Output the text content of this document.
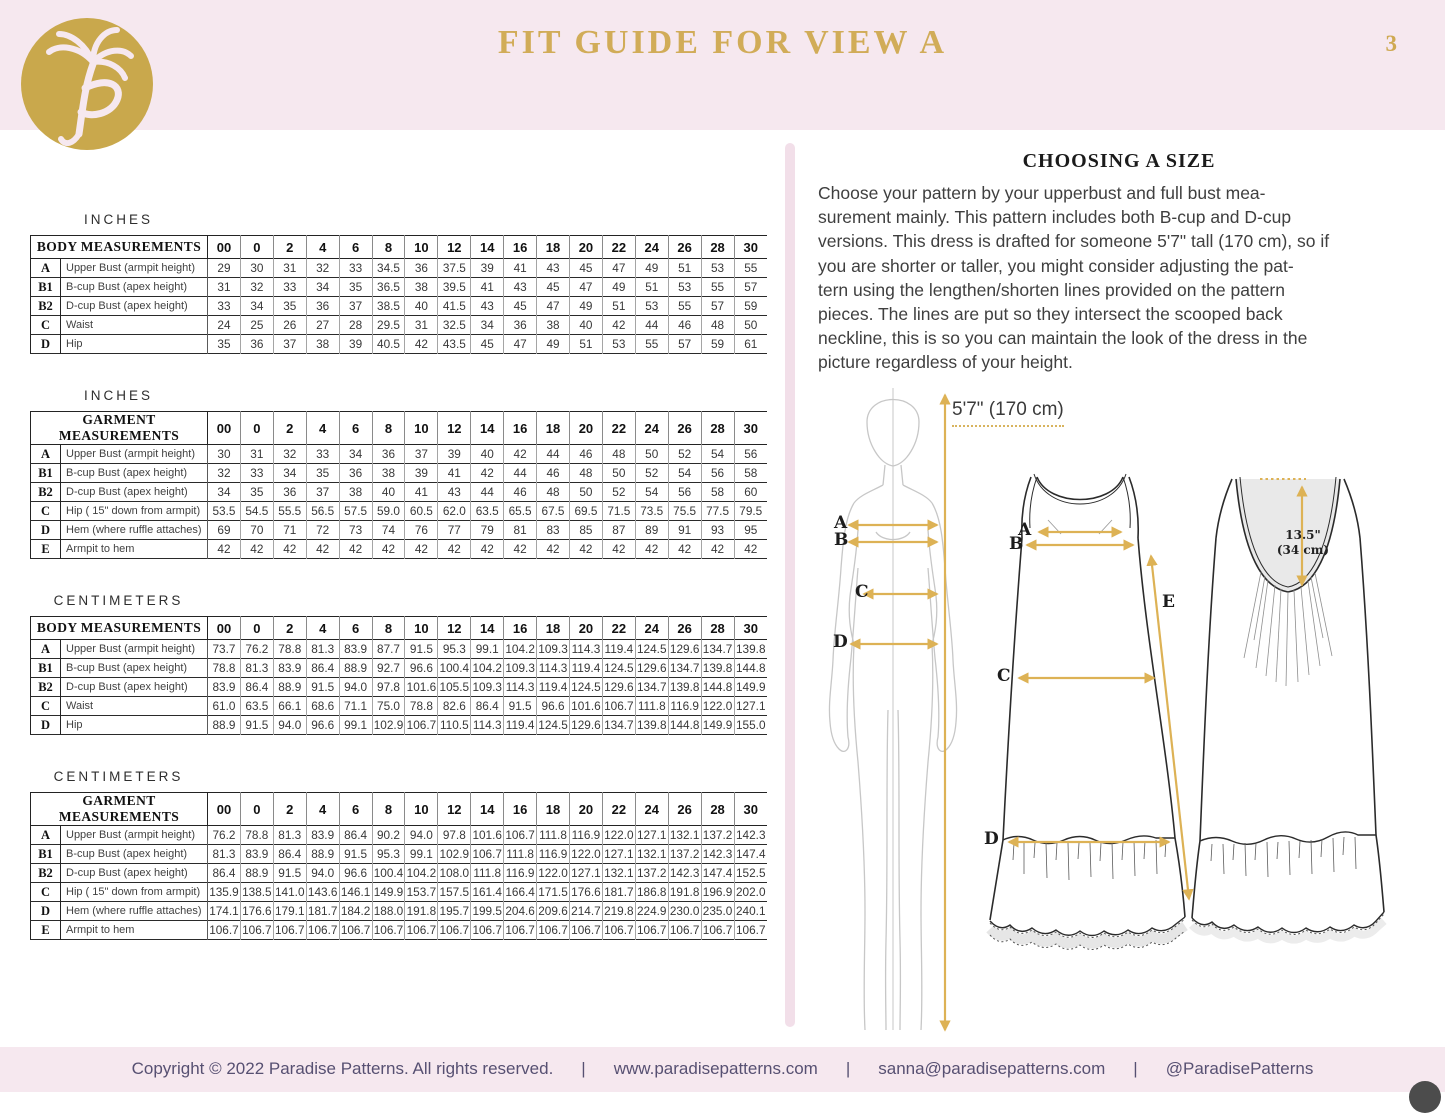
FIT GUIDE FOR VIEW A	3
INCHES
BODY MEASUREMENTS		00	0	2	4	6	8	10	12	14	16	18	20	22	24	26	28	30
A	Upper Bust (armpit height)	29	30	31	32	33	34.5	36	37.5	39	41	43	45	47	49	51	53	55
B1	B-cup Bust (apex height)	31	32	33	34	35	36.5	38	39.5	41	43	45	47	49	51	53	55	57
B2	D-cup Bust (apex height)	33	34	35	36	37	38.5	40	41.5	43	45	47	49	51	53	55	57	59
C	Waist	24	25	26	27	28	29.5	31	32.5	34	36	38	40	42	44	46	48	50
D	Hip	35	36	37	38	39	40.5	42	43.5	45	47	49	51	53	55	57	59	61
INCHES
GARMENT MEASUREMENTS		00	0	2	4	6	8	10	12	14	16	18	20	22	24	26	28	30
A	Upper Bust (armpit height)	30	31	32	33	34	36	37	39	40	42	44	46	48	50	52	54	56
B1	B-cup Bust (apex height)	32	33	34	35	36	38	39	41	42	44	46	48	50	52	54	56	58
B2	D-cup Bust (apex height)	34	35	36	37	38	40	41	43	44	46	48	50	52	54	56	58	60
C	Hip ( 15" down from armpit)	53.5	54.5	55.5	56.5	57.5	59.0	60.5	62.0	63.5	65.5	67.5	69.5	71.5	73.5	75.5	77.5	79.5
D	Hem (where ruffle attaches)	69	70	71	72	73	74	76	77	79	81	83	85	87	89	91	93	95
E	Armpit to hem	42	42	42	42	42	42	42	42	42	42	42	42	42	42	42	42	42
CENTIMETERS
BODY MEASUREMENTS		00	0	2	4	6	8	10	12	14	16	18	20	22	24	26	28	30
A	Upper Bust (armpit height)	73.7	76.2	78.8	81.3	83.9	87.7	91.5	95.3	99.1	104.2	109.3	114.3	119.4	124.5	129.6	134.7	139.8
B1	B-cup Bust (apex height)	78.8	81.3	83.9	86.4	88.9	92.7	96.6	100.4	104.2	109.3	114.3	119.4	124.5	129.6	134.7	139.8	144.8
B2	D-cup Bust (apex height)	83.9	86.4	88.9	91.5	94.0	97.8	101.6	105.5	109.3	114.3	119.4	124.5	129.6	134.7	139.8	144.8	149.9
C	Waist	61.0	63.5	66.1	68.6	71.1	75.0	78.8	82.6	86.4	91.5	96.6	101.6	106.7	111.8	116.9	122.0	127.1
D	Hip	88.9	91.5	94.0	96.6	99.1	102.9	106.7	110.5	114.3	119.4	124.5	129.6	134.7	139.8	144.8	149.9	155.0
CENTIMETERS
GARMENT MEASUREMENTS		00	0	2	4	6	8	10	12	14	16	18	20	22	24	26	28	30
A	Upper Bust (armpit height)	76.2	78.8	81.3	83.9	86.4	90.2	94.0	97.8	101.6	106.7	111.8	116.9	122.0	127.1	132.1	137.2	142.3
B1	B-cup Bust (apex height)	81.3	83.9	86.4	88.9	91.5	95.3	99.1	102.9	106.7	111.8	116.9	122.0	127.1	132.1	137.2	142.3	147.4
B2	D-cup Bust (apex height)	86.4	88.9	91.5	94.0	96.6	100.4	104.2	108.0	111.8	116.9	122.0	127.1	132.1	137.2	142.3	147.4	152.5
C	Hip ( 15" down from armpit)	135.9	138.5	141.0	143.6	146.1	149.9	153.7	157.5	161.4	166.4	171.5	176.6	181.7	186.8	191.8	196.9	202.0
D	Hem (where ruffle attaches)	174.1	176.6	179.1	181.7	184.2	188.0	191.8	195.7	199.5	204.6	209.6	214.7	219.8	224.9	230.0	235.0	240.1
E	Armpit to hem	106.7	106.7	106.7	106.7	106.7	106.7	106.7	106.7	106.7	106.7	106.7	106.7	106.7	106.7	106.7	106.7	106.7
CHOOSING A SIZE
Choose your pattern by your upperbust and full bust mea-
surement mainly. This pattern includes both B-cup and D-cup
versions. This dress is drafted for someone 5'7" tall (170 cm), so if
you are shorter or taller, you might consider adjusting the pat-
tern using the lengthen/shorten lines provided on the pattern
pieces. The lines are put so they intersect the scooped back
neckline, this is so you can maintain the look of the dress in the
picture regardless of your height.
5'7" (170 cm)
A
B
C
D
A
B
C
D
E
13.5"
(34 cm)
Copyright © 2022 Paradise Patterns. All rights reserved. | www.paradisepatterns.com | sanna@paradisepatterns.com | @ParadisePatterns
